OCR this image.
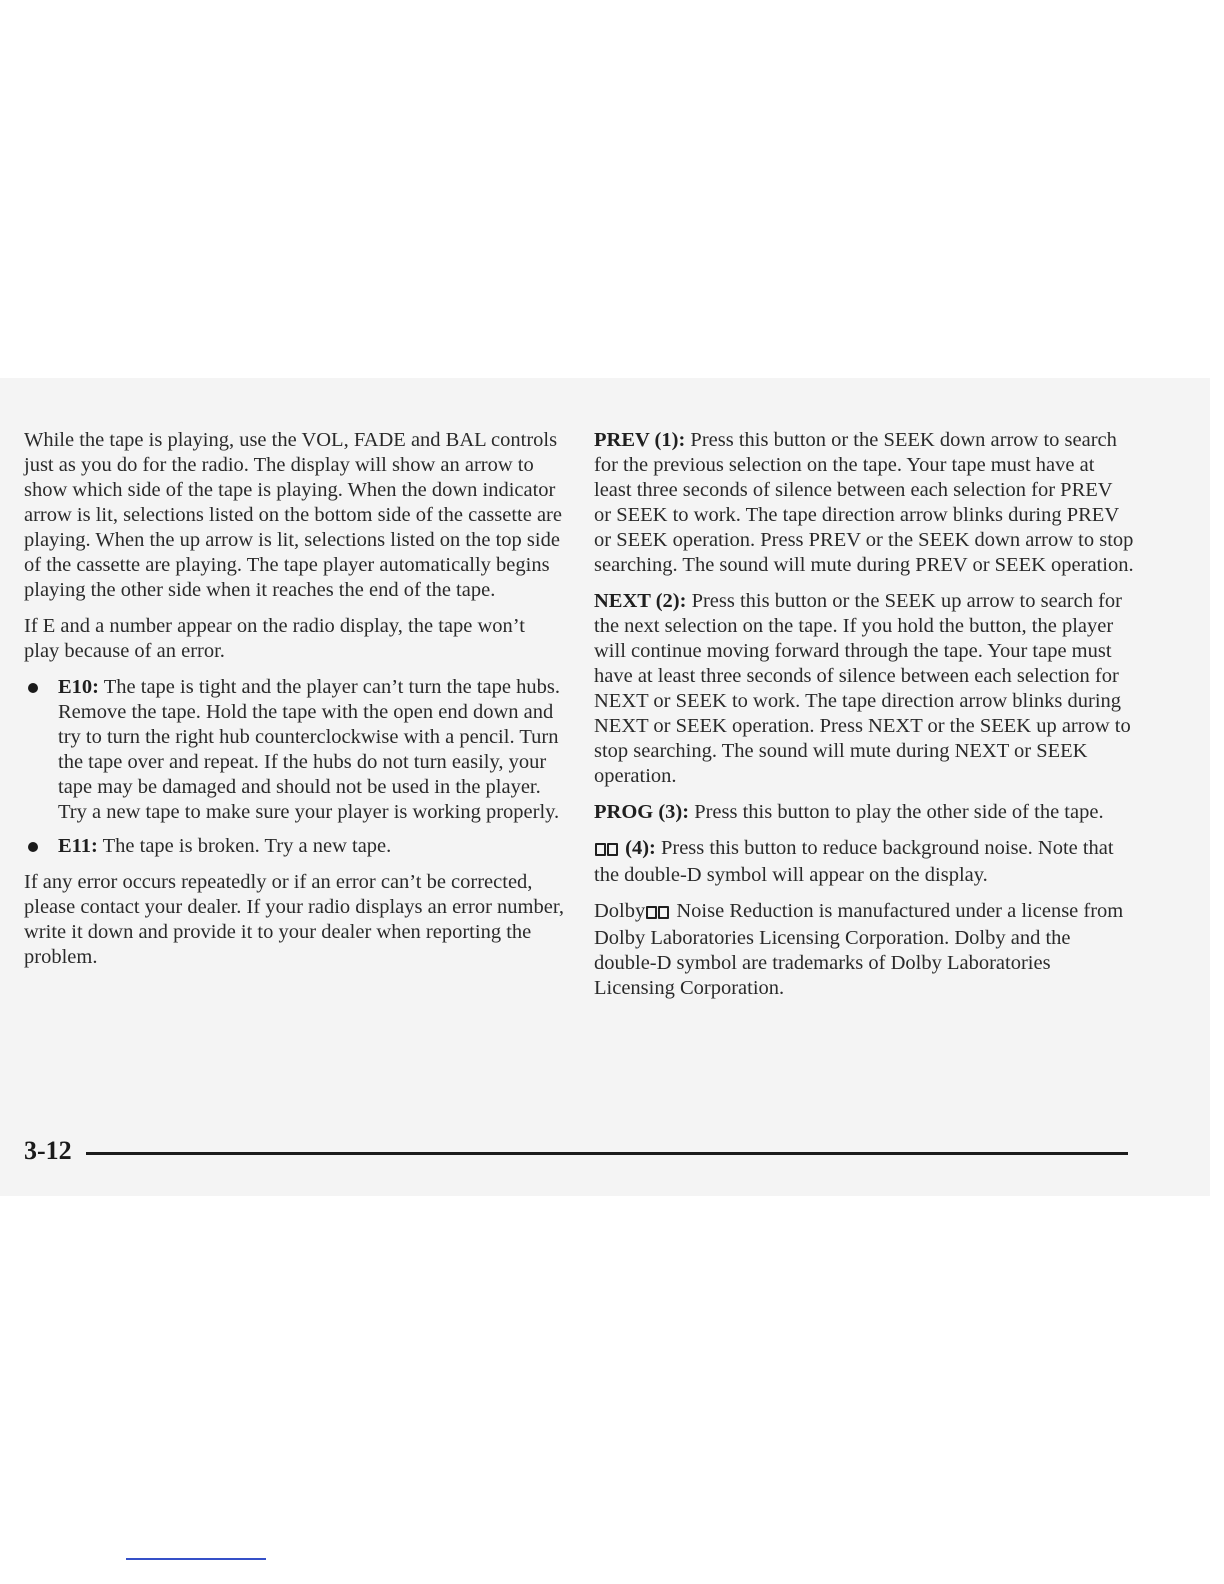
While the tape is playing, use the VOL, FADE and BAL controls just as you do for the radio. The display will show an arrow to show which side of the tape is playing. When the down indicator arrow is lit, selections listed on the bottom side of the cassette are playing. When the up arrow is lit, selections listed on the top side of the cassette are playing. The tape player automatically begins playing the other side when it reaches the end of the tape.

If E and a number appear on the radio display, the tape won’t play because of an error.

E10: The tape is tight and the player can’t turn the tape hubs. Remove the tape. Hold the tape with the open end down and try to turn the right hub counterclockwise with a pencil. Turn the tape over and repeat. If the hubs do not turn easily, your tape may be damaged and should not be used in the player. Try a new tape to make sure your player is working properly.
E11: The tape is broken. Try a new tape.

If any error occurs repeatedly or if an error can’t be corrected, please contact your dealer. If your radio displays an error number, write it down and provide it to your dealer when reporting the problem.

PREV (1): Press this button or the SEEK down arrow to search for the previous selection on the tape. Your tape must have at least three seconds of silence between each selection for PREV or SEEK to work. The tape direction arrow blinks during PREV or SEEK operation. Press PREV or the SEEK down arrow to stop searching. The sound will mute during PREV or SEEK operation.

NEXT (2): Press this button or the SEEK up arrow to search for the next selection on the tape. If you hold the button, the player will continue moving forward through the tape. Your tape must have at least three seconds of silence between each selection for NEXT or SEEK to work. The tape direction arrow blinks during NEXT or SEEK operation. Press NEXT or the SEEK up arrow to stop searching. The sound will mute during NEXT or SEEK operation.

PROG (3): Press this button to play the other side of the tape.

(4): Press this button to reduce background noise. Note that the double-D symbol will appear on the display.

Dolby Noise Reduction is manufactured under a license from Dolby Laboratories Licensing Corporation. Dolby and the double-D symbol are trademarks of Dolby Laboratories Licensing Corporation.

3-12
